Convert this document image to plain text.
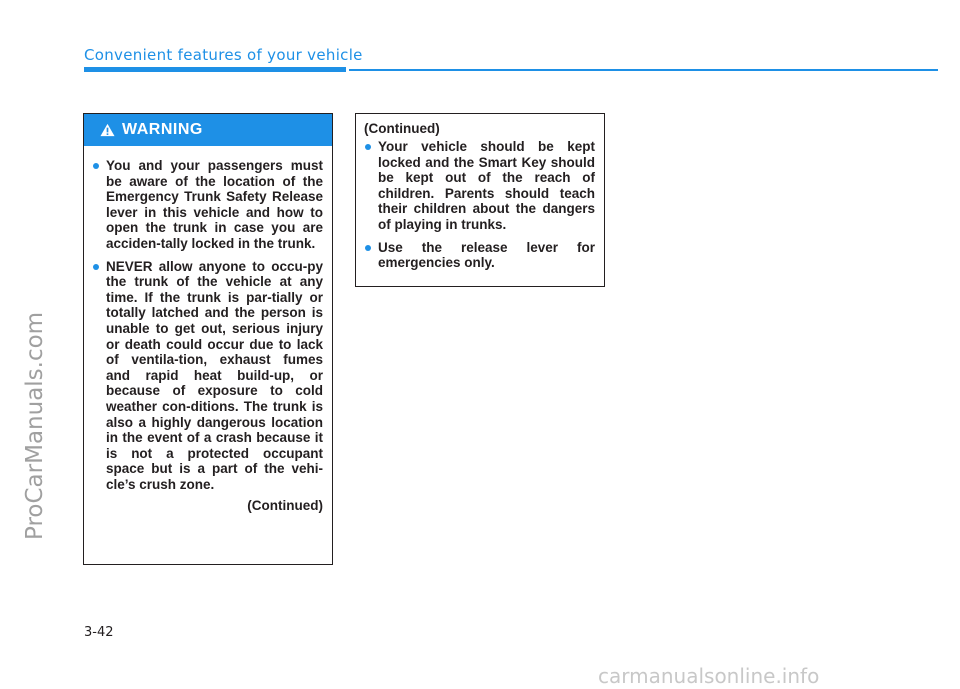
Convenient features of your vehicle
ProCarManuals.com
WARNING
You and your passengers must be aware of the location of the Emergency Trunk Safety Release lever in this vehicle and how to open the trunk in case you are acciden-tally locked in the trunk.
NEVER allow anyone to occu-py the trunk of the vehicle at any time. If the trunk is par-tially or totally latched and the person is unable to get out, serious injury or death could occur due to lack of ventila-tion, exhaust fumes and rapid heat build-up, or because of exposure to cold weather con-ditions. The trunk is also a highly dangerous location in the event of a crash because it is not a protected occupant space but is a part of the vehi-cle’s crush zone.
(Continued)
(Continued)
Your vehicle should be kept locked and the Smart Key should be kept out of the reach of children. Parents should teach their children about the dangers of playing in trunks.
Use the release lever for emergencies only.
3-42
carmanualsonline.info
